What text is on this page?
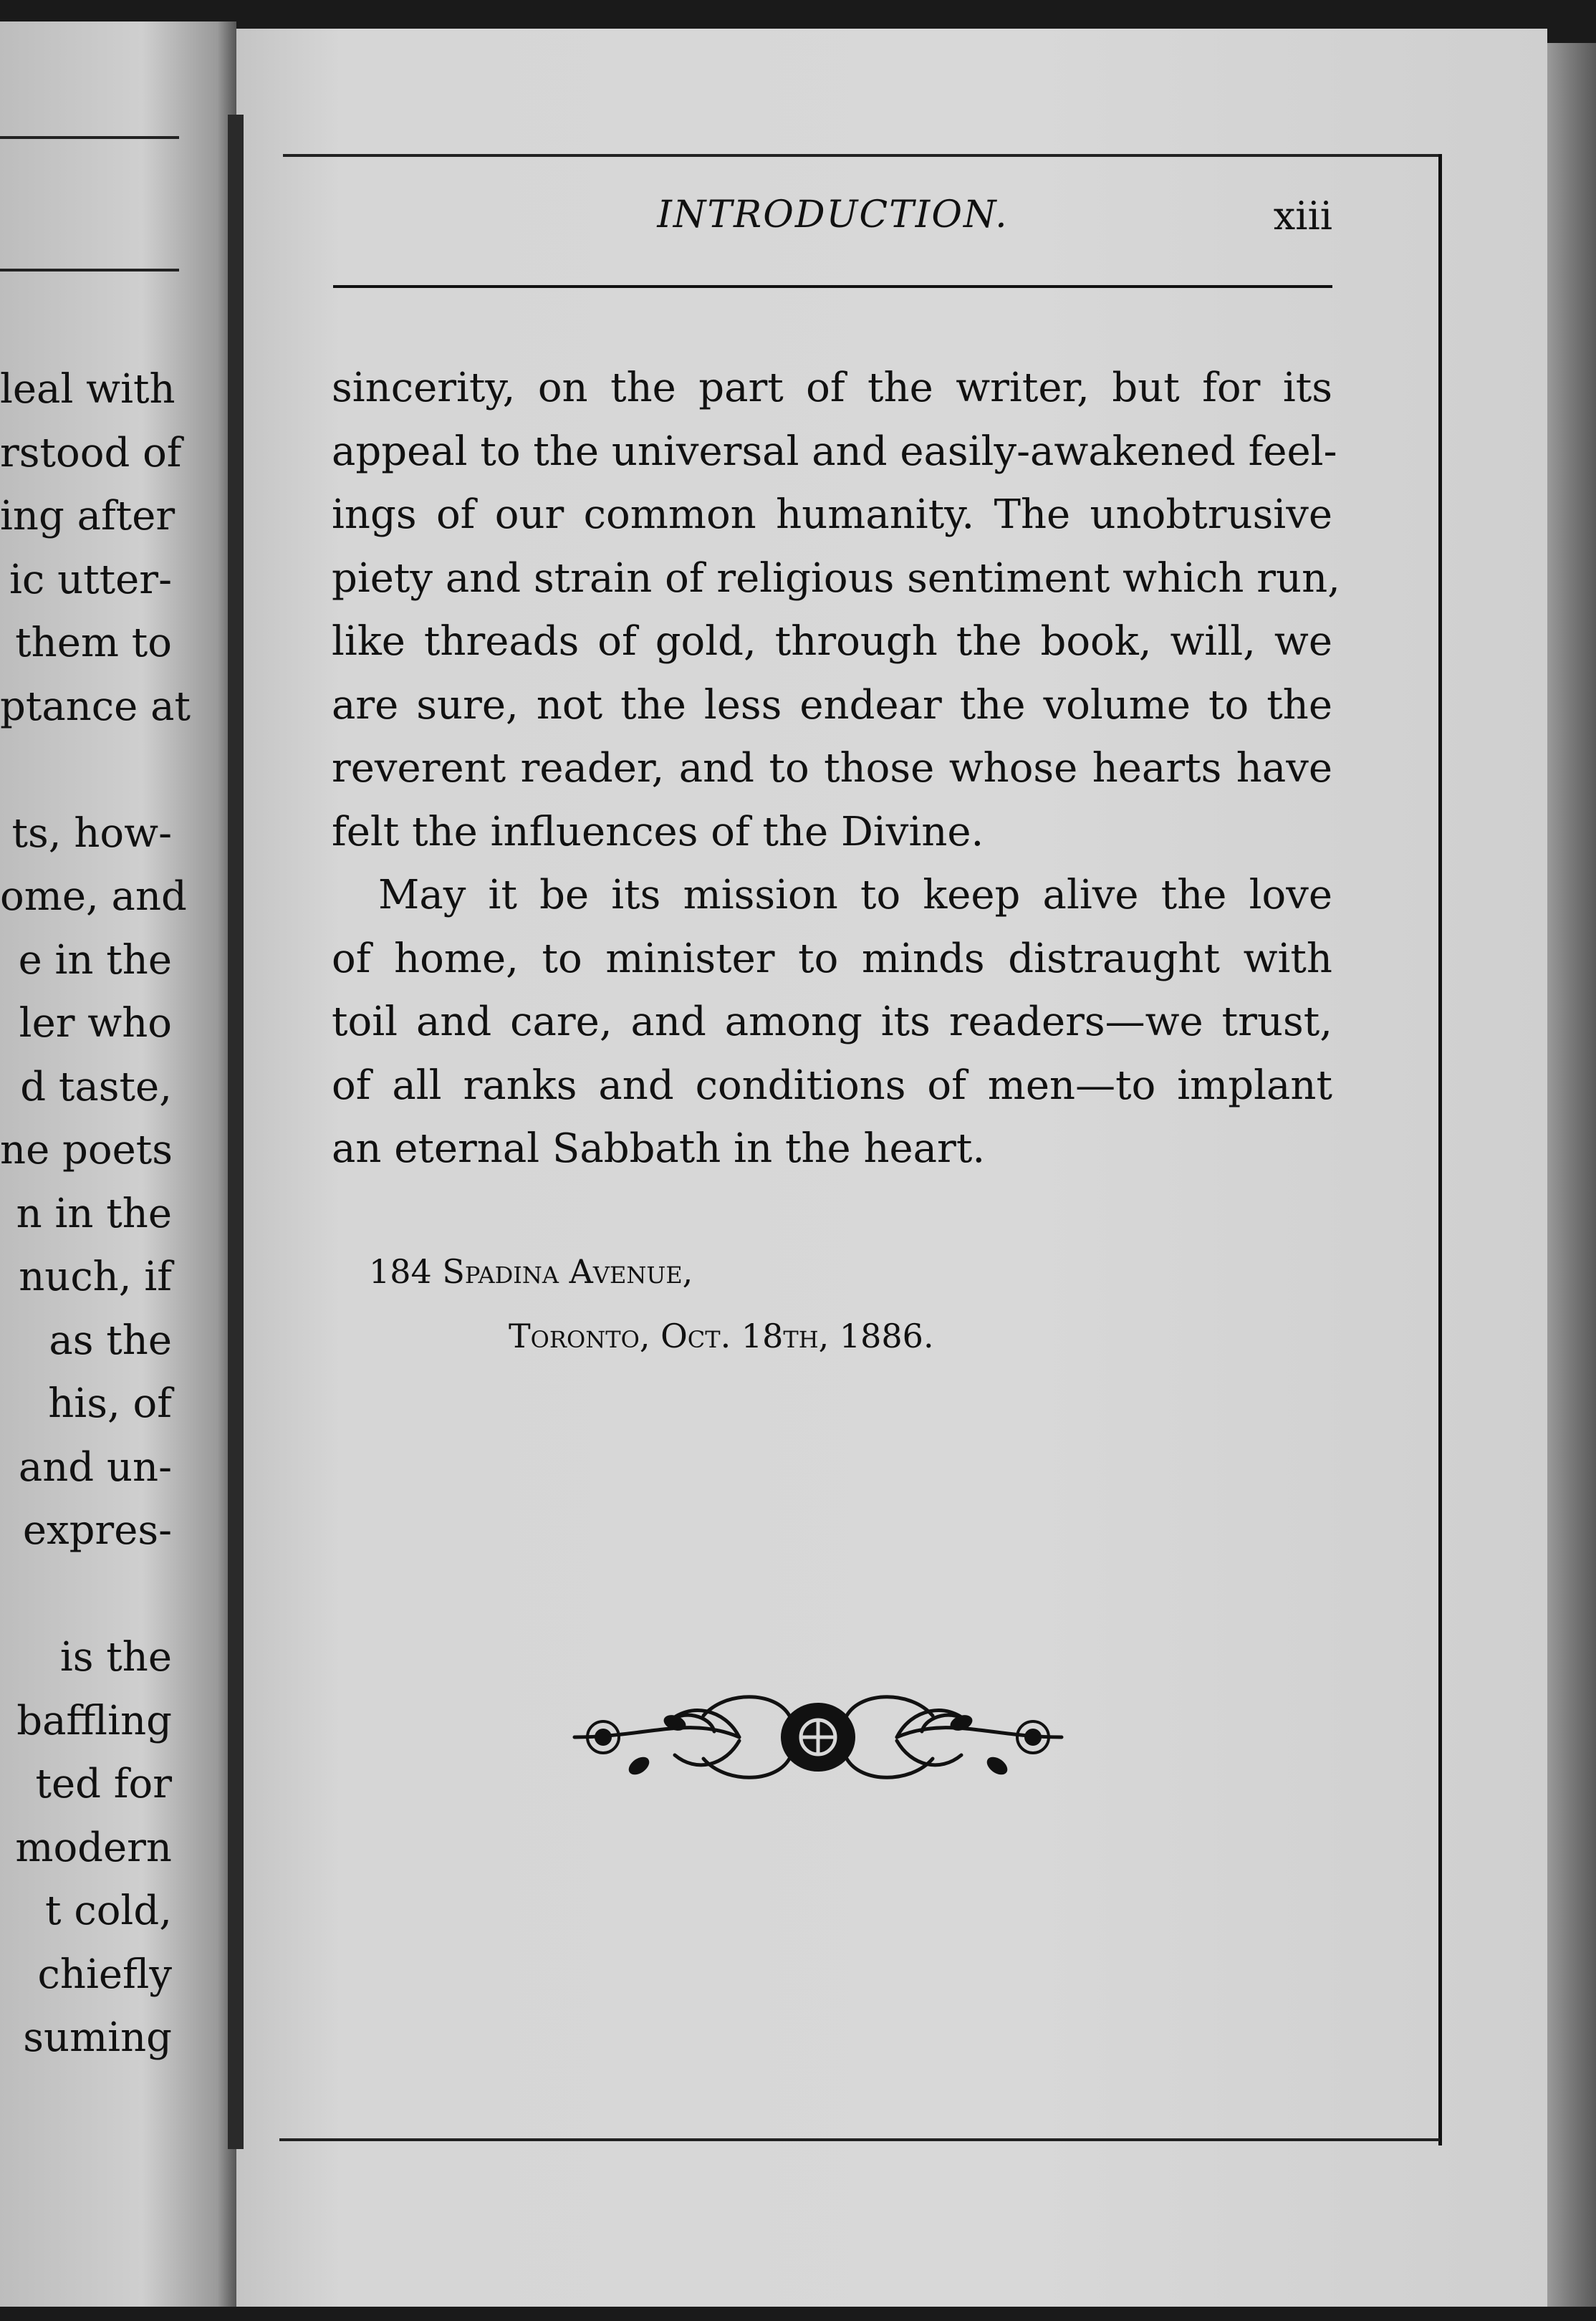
leal with
rstood of
ing after
ic utter-
them to
ptance at
ts, how-
ome, and
e in the
ler who
d taste,
ne poets
n in the
nuch, if
as the
his, of
and un-
expres-
is the
baffling
ted for
modern
t cold,
chiefly
suming
INTRODUCTION.	xiii
sincerity, on the part of the writer, but for its
appeal to the universal and easily-awakened feel-
ings of our common humanity. The unobtrusive
piety and strain of religious sentiment which run,
like threads of gold, through the book, will, we
are sure, not the less endear the volume to the
reverent reader, and to those whose hearts have
felt the influences of the Divine.
May it be its mission to keep alive the love
of home, to minister to minds distraught with
toil and care, and among its readers—we trust,
of all ranks and conditions of men—to implant
an eternal Sabbath in the heart.
184 Spadina Avenue,
Toronto, Oct. 18th, 1886.
